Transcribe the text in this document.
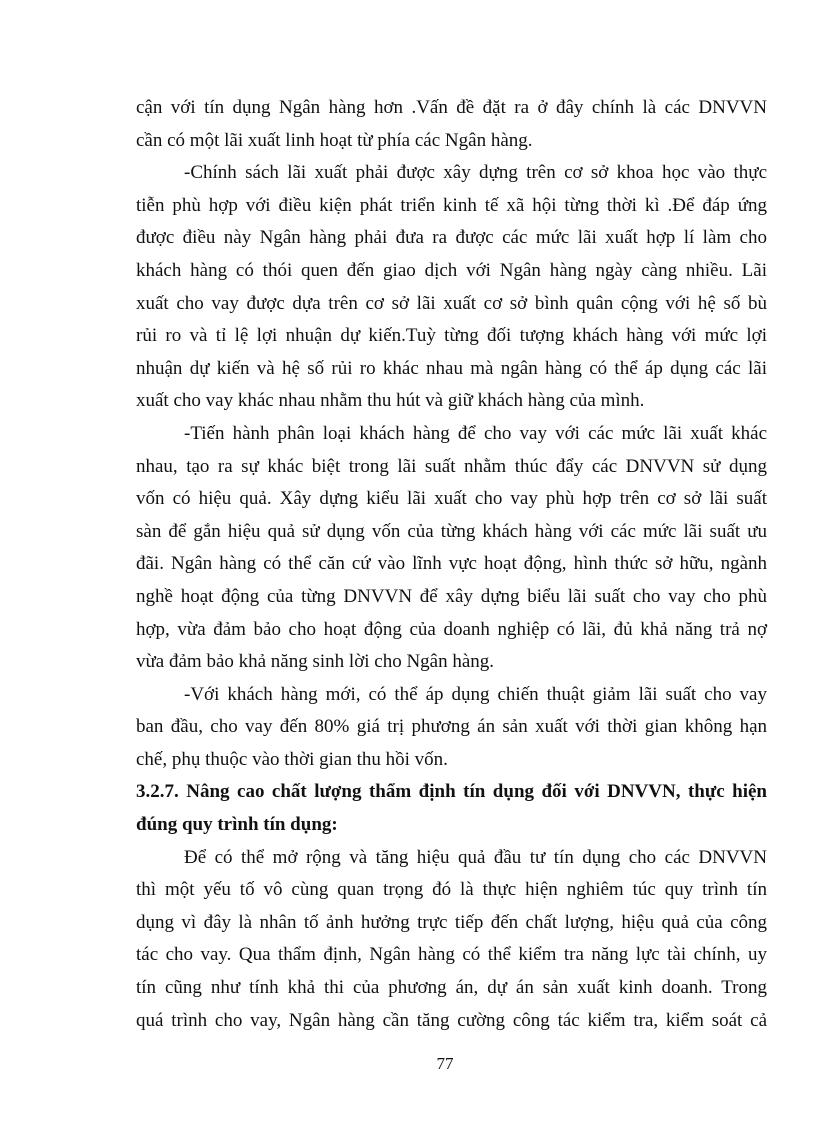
cận với tín dụng Ngân hàng hơn .Vấn đề đặt ra ở đây chính là các DNVVN
cần có một lãi xuất linh hoạt từ phía các Ngân hàng.

-Chính sách lãi xuất phải được xây dựng trên cơ sở khoa học vào thực
tiễn phù hợp với điều kiện phát triển kinh tế xã hội từng thời kì .Để đáp ứng
được điều này Ngân hàng phải đưa ra được các mức lãi xuất hợp lí làm cho
khách hàng có thói quen đến giao dịch với Ngân hàng ngày càng nhiều. Lãi
xuất cho vay được dựa trên cơ sở lãi xuất cơ sở bình quân cộng với hệ số bù
rủi ro và tỉ lệ lợi nhuận dự kiến.Tuỳ từng đối tượng khách hàng với mức lợi
nhuận dự kiến và hệ số rủi ro khác nhau mà ngân hàng có thể áp dụng các lãi
xuất cho vay khác nhau nhằm thu hút và giữ khách hàng của mình.

-Tiến hành phân loại khách hàng để cho vay với các mức lãi xuất khác
nhau, tạo ra sự khác biệt trong lãi suất nhằm thúc đẩy các DNVVN sử dụng
vốn có hiệu quả. Xây dựng kiểu lãi xuất cho vay phù hợp trên cơ sở lãi suất
sàn để gắn hiệu quả sử dụng vốn của từng khách hàng với các mức lãi suất ưu
đãi. Ngân hàng có thể căn cứ vào lĩnh vực hoạt động, hình thức sở hữu, ngành
nghề hoạt động của từng DNVVN để xây dựng biểu lãi suất cho vay cho phù
hợp, vừa đảm bảo cho hoạt động của doanh nghiệp có lãi, đủ khả năng trả nợ
vừa đảm bảo khả năng sinh lời cho Ngân hàng.

-Với khách hàng mới, có thể áp dụng chiến thuật giảm lãi suất cho vay
ban đầu, cho vay đến 80% giá trị phương án sản xuất với thời gian không hạn
chế, phụ thuộc vào thời gian thu hồi vốn.

3.2.7. Nâng cao chất lượng thẩm định tín dụng đối với DNVVN, thực hiện
đúng quy trình tín dụng:

Để có thể mở rộng và tăng hiệu quả đầu tư tín dụng cho các DNVVN
thì một yếu tố vô cùng quan trọng đó là thực hiện nghiêm túc quy trình tín
dụng vì đây là nhân tố ảnh hưởng trực tiếp đến chất lượng, hiệu quả của công
tác cho vay. Qua thẩm định, Ngân hàng có thể kiểm tra năng lực tài chính, uy
tín cũng như tính khả thi của phương án, dự án sản xuất kinh doanh. Trong
quá trình cho vay, Ngân hàng cần tăng cường công tác kiểm tra, kiểm soát cả

77
